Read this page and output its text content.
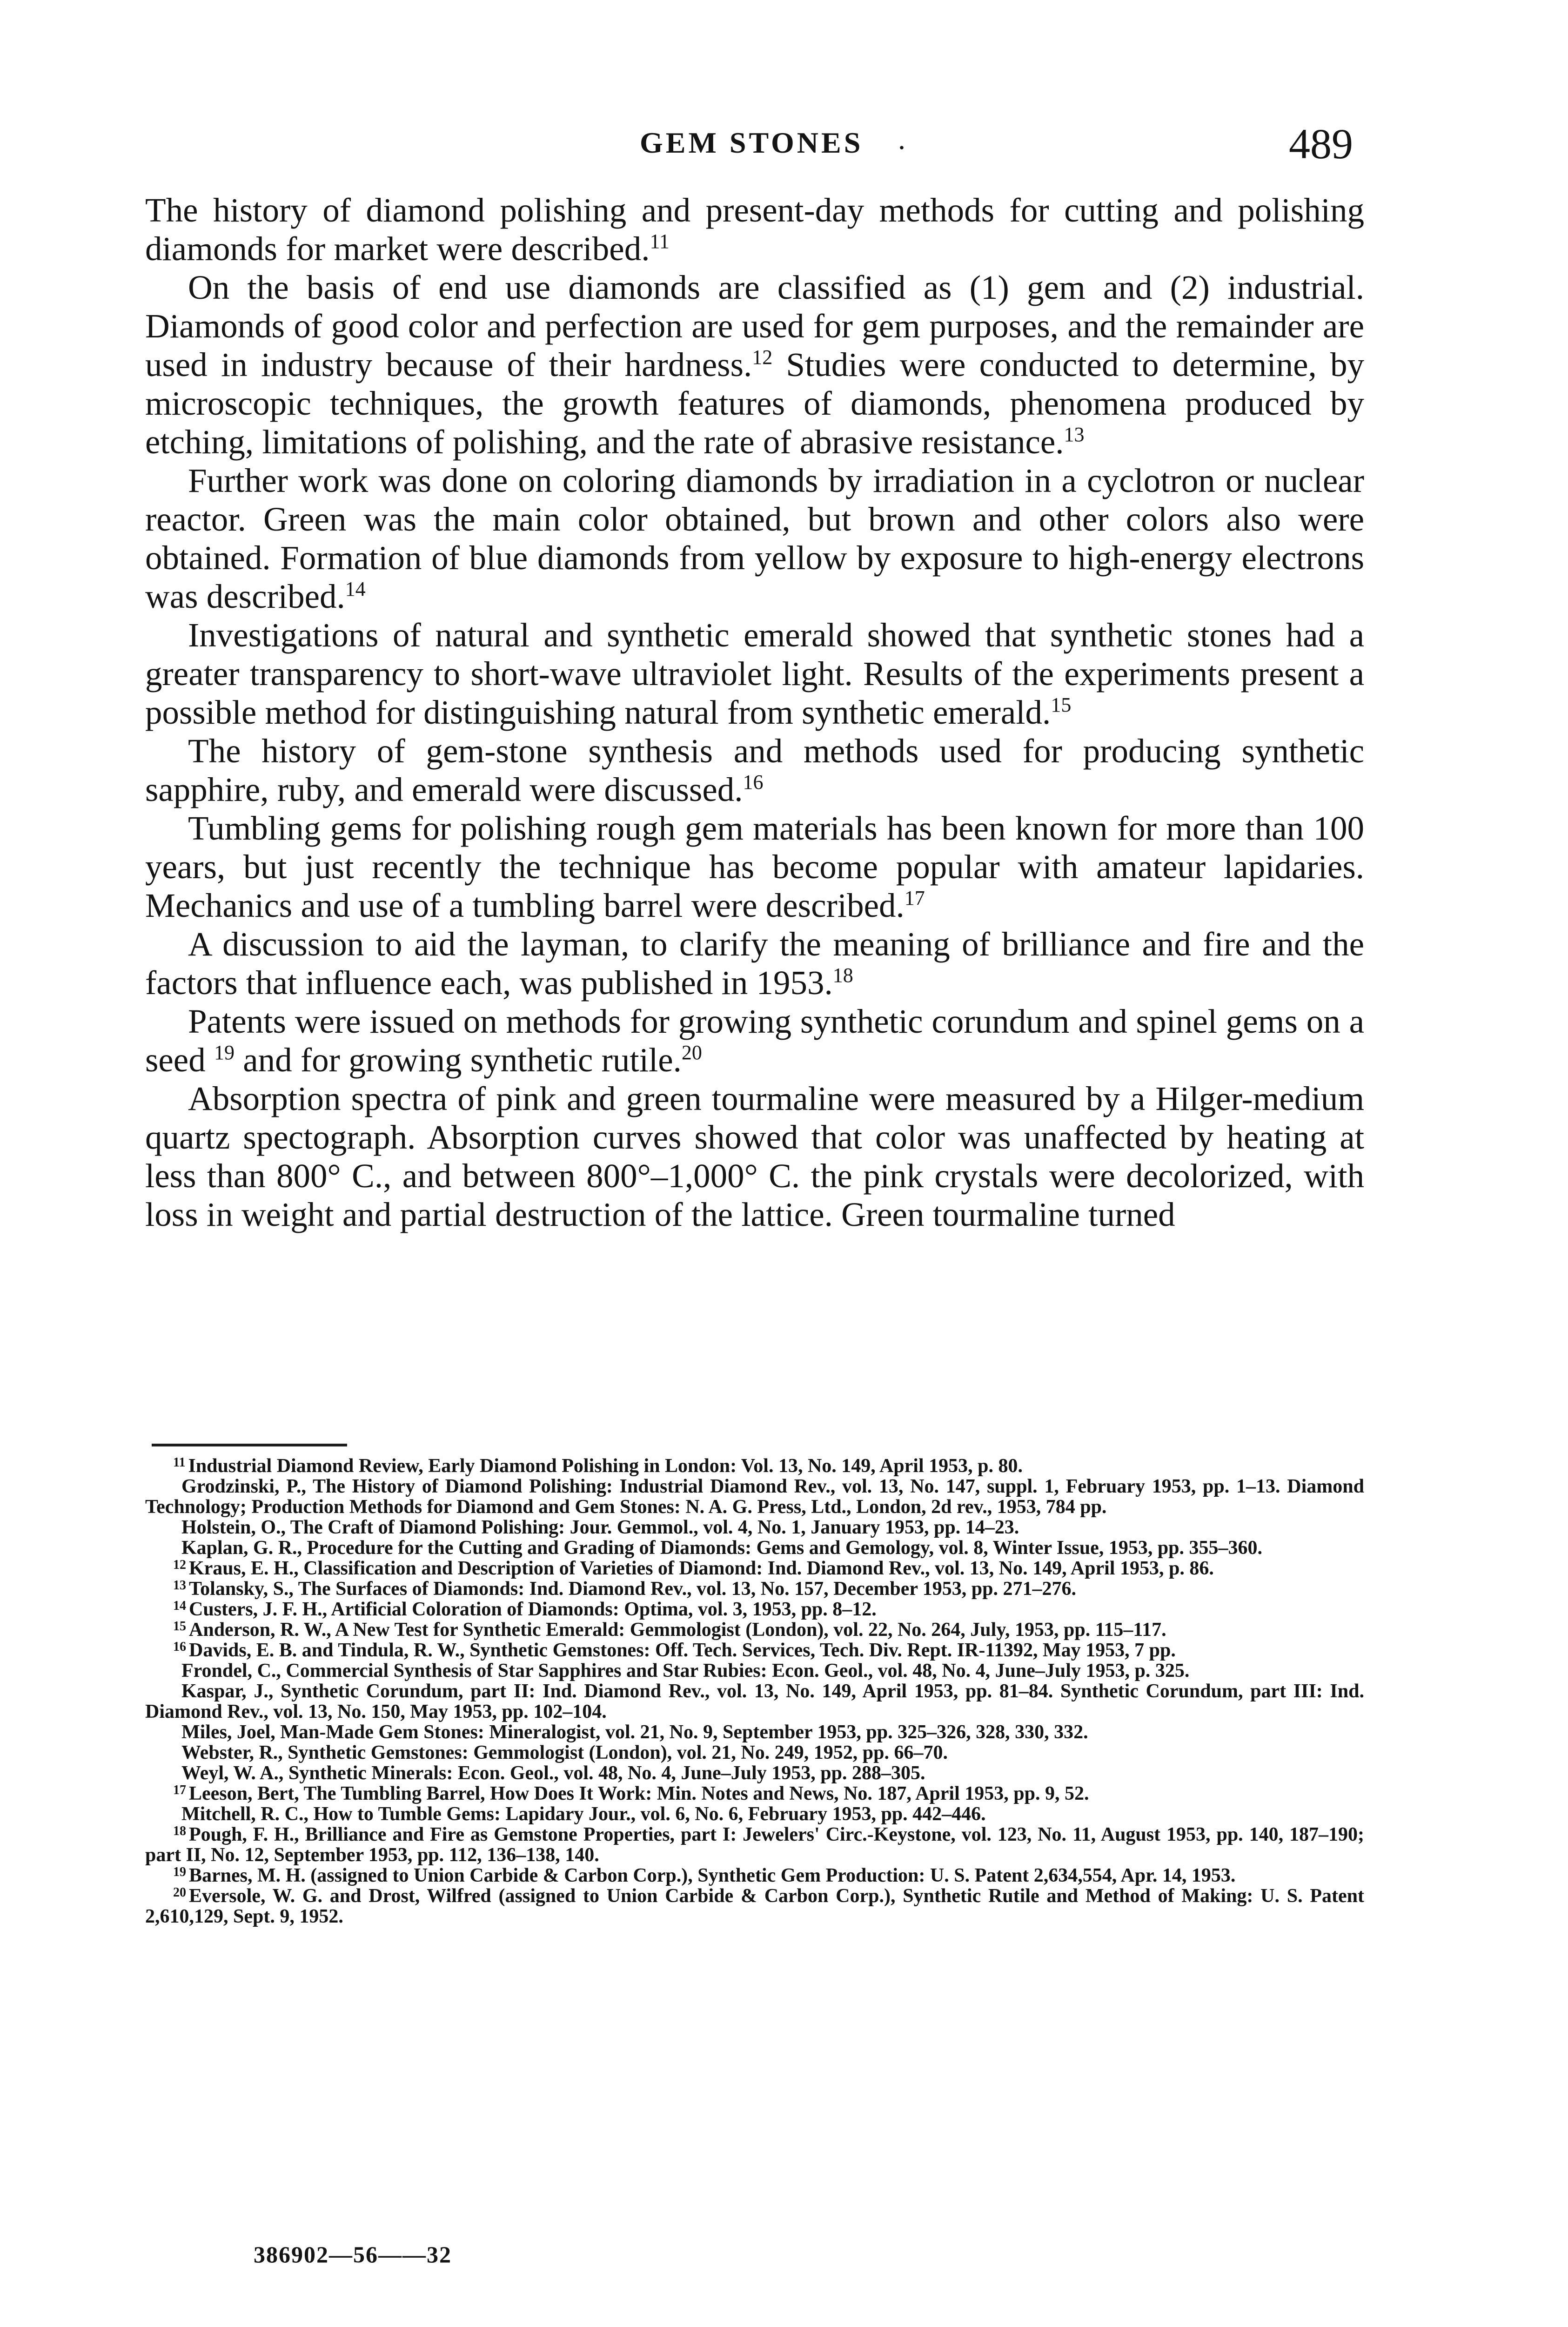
GEM STONES .	489

The history of diamond polishing and present-day methods for cutting and polishing diamonds for market were described.$^{11}$

On the basis of end use diamonds are classified as (1) gem and (2) industrial. Diamonds of good color and perfection are used for gem purposes, and the remainder are used in industry because of their hardness.$^{12}$ Studies were conducted to determine, by microscopic techniques, the growth features of diamonds, phenomena produced by etching, limitations of polishing, and the rate of abrasive resistance.$^{13}$

Further work was done on coloring diamonds by irradiation in a cyclotron or nuclear reactor. Green was the main color obtained, but brown and other colors also were obtained. Formation of blue diamonds from yellow by exposure to high-energy electrons was described.$^{14}$

Investigations of natural and synthetic emerald showed that synthetic stones had a greater transparency to short-wave ultraviolet light. Results of the experiments present a possible method for distinguishing natural from synthetic emerald.$^{15}$

The history of gem-stone synthesis and methods used for producing synthetic sapphire, ruby, and emerald were discussed.$^{16}$

Tumbling gems for polishing rough gem materials has been known for more than 100 years, but just recently the technique has become popular with amateur lapidaries. Mechanics and use of a tumbling barrel were described.$^{17}$

A discussion to aid the layman, to clarify the meaning of brilliance and fire and the factors that influence each, was published in 1953.18

Patents were issued on methods for growing synthetic corundum and spinel gems on a seed $^{19}$ and for growing synthetic rutile.$^{20}$

Absorption spectra of pink and green tourmaline were measured by a Hilger-medium quartz spectograph. Absorption curves showed that color was unaffected by heating at less than 800° C., and between 800°–1,000° C. the pink crystals were decolorized, with loss in weight and partial destruction of the lattice. Green tourmaline turned

$^{11}$ Industrial Diamond Review, Early Diamond Polishing in London: Vol. 13, No. 149, April 1953, p. 80.

Grodzinski, P., The History of Diamond Polishing: Industrial Diamond Rev., vol. 13, No. 147, suppl. 1, February 1953, pp. 1–13. Diamond Technology; Production Methods for Diamond and Gem Stones: N. A. G. Press, Ltd., London, 2d rev., 1953, 784 pp.

Holstein, O., The Craft of Diamond Polishing: Jour. Gemmol., vol. 4, No. 1, January 1953, pp. 14–23.

Kaplan, G. R., Procedure for the Cutting and Grading of Diamonds: Gems and Gemology, vol. 8, Winter Issue, 1953, pp. 355–360.

$^{12}$ Kraus, E. H., Classification and Description of Varieties of Diamond: Ind. Diamond Rev., vol. 13, No. 149, April 1953, p. 86.

$^{13}$ Tolansky, S., The Surfaces of Diamonds: Ind. Diamond Rev., vol. 13, No. 157, December 1953, pp. 271–276.

$^{14}$ Custers, J. F. H., Artificial Coloration of Diamonds: Optima, vol. 3, 1953, pp. 8–12.

$^{15}$ Anderson, R. W., A New Test for Synthetic Emerald: Gemmologist (London), vol. 22, No. 264, July, 1953, pp. 115–117.

$^{16}$ Davids, E. B. and Tindula, R. W., Synthetic Gemstones: Off. Tech. Services, Tech. Div. Rept. IR-11392, May 1953, 7 pp.

Frondel, C., Commercial Synthesis of Star Sapphires and Star Rubies: Econ. Geol., vol. 48, No. 4, June–July 1953, p. 325.

Kaspar, J., Synthetic Corundum, part II: Ind. Diamond Rev., vol. 13, No. 149, April 1953, pp. 81–84. Synthetic Corundum, part III: Ind. Diamond Rev., vol. 13, No. 150, May 1953, pp. 102–104.

Miles, Joel, Man-Made Gem Stones: Mineralogist, vol. 21, No. 9, September 1953, pp. 325–326, 328, 330, 332.

Webster, R., Synthetic Gemstones: Gemmologist (London), vol. 21, No. 249, 1952, pp. 66–70.

Weyl, W. A., Synthetic Minerals: Econ. Geol., vol. 48, No. 4, June–July 1953, pp. 288–305.

$^{17}$ Leeson, Bert, The Tumbling Barrel, How Does It Work: Min. Notes and News, No. 187, April 1953, pp. 9, 52.

Mitchell, R. C., How to Tumble Gems: Lapidary Jour., vol. 6, No. 6, February 1953, pp. 442–446.

$^{18}$ Pough, F. H., Brilliance and Fire as Gemstone Properties, part I: Jewelers' Circ.-Keystone, vol. 123, No. 11, August 1953, pp. 140, 187–190; part II, No. 12, September 1953, pp. 112, 136–138, 140.

$^{19}$ Barnes, M. H. (assigned to Union Carbide & Carbon Corp.), Synthetic Gem Production: U. S. Patent 2,634,554, Apr. 14, 1953.

$^{20}$ Eversole, W. G. and Drost, Wilfred (assigned to Union Carbide & Carbon Corp.), Synthetic Rutile and Method of Making: U. S. Patent 2,610,129, Sept. 9, 1952.

386902—56——32
